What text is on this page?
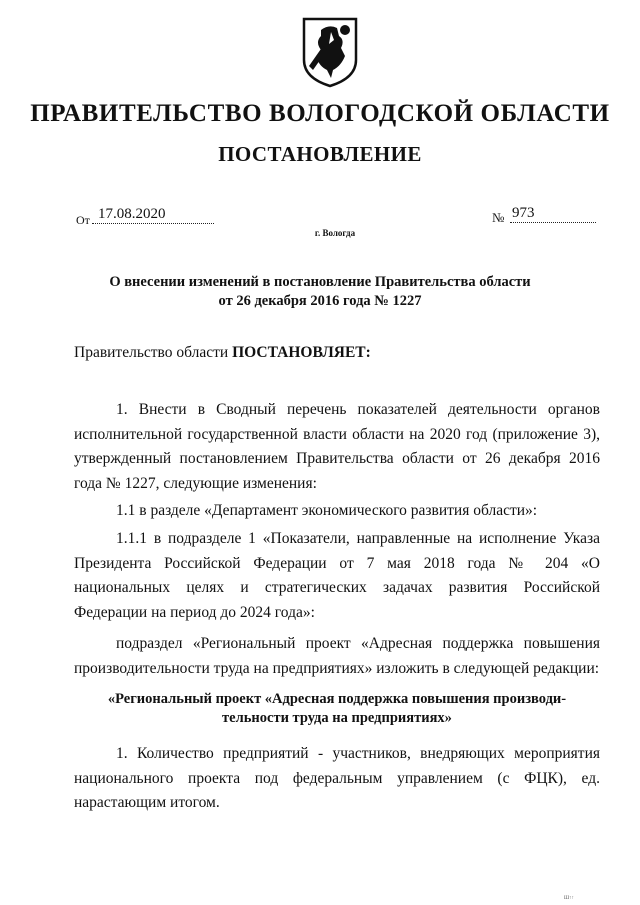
ПРАВИТЕЛЬСТВО ВОЛОГОДСКОЙ ОБЛАСТИ
ПОСТАНОВЛЕНИЕ
От 17.08.2020	№ 973
г. Вологда
О внесении изменений в постановление Правительства области
от 26 декабря 2016 года № 1227
Правительство области ПОСТАНОВЛЯЕТ:

1. Внести в Сводный перечень показателей деятельности органов исполнительной государственной власти области на 2020 год (приложение 3), утвержденный постановлением Правительства области от 26 декабря 2016 года № 1227, следующие изменения:

1.1 в разделе «Департамент экономического развития области»:

1.1.1 в подразделе 1 «Показатели, направленные на исполнение Указа Президента Российской Федерации от 7 мая 2018 года № 204 «О национальных целях и стратегических задачах развития Российской Федерации на период до 2024 года»:

подраздел «Региональный проект «Адресная поддержка повышения производительности труда на предприятиях» изложить в следующей редакции:

«Региональный проект «Адресная поддержка повышения производи-
тельности труда на предприятиях»

1. Количество предприятий - участников, внедряющих мероприятия национального проекта под федеральным управлением (с ФЦК), ед. нарастающим итогом.

Ш↑↑
